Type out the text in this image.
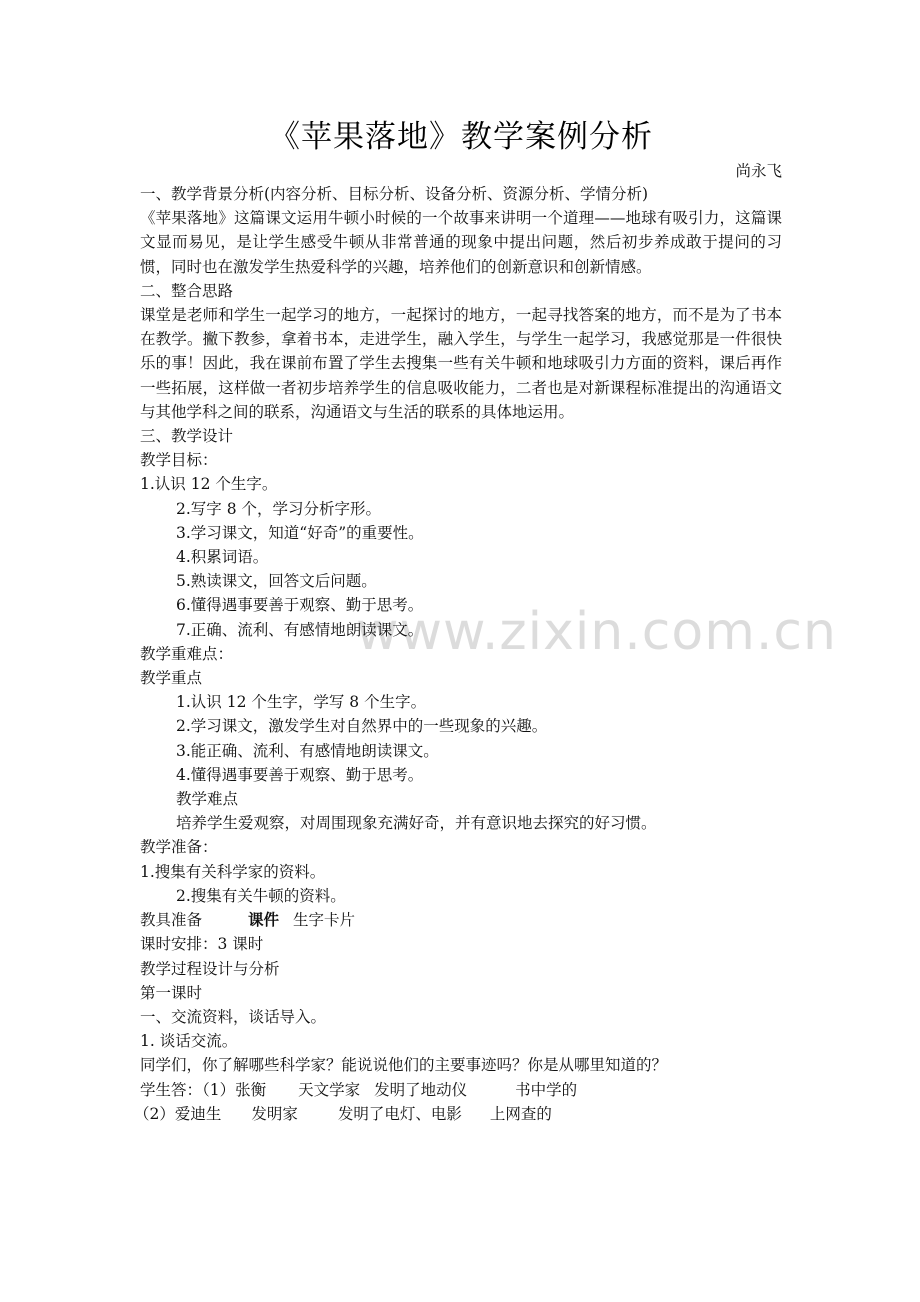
www.zixin.com.cn
《苹果落地》教学案例分析
尚永飞
一、教学背景分析(内容分析、目标分析、设备分析、资源分析、学情分析)

《苹果落地》这篇课文运用牛顿小时候的一个故事来讲明一个道理——地球有吸引力，这篇课文显而易见，是让学生感受牛顿从非常普通的现象中提出问题，然后初步养成敢于提问的习惯，同时也在激发学生热爱科学的兴趣，培养他们的创新意识和创新情感。

二、整合思路

课堂是老师和学生一起学习的地方，一起探讨的地方，一起寻找答案的地方，而不是为了书本在教学。撇下教参，拿着书本，走进学生，融入学生，与学生一起学习，我感觉那是一件很快乐的事！因此，我在课前布置了学生去搜集一些有关牛顿和地球吸引力方面的资料，课后再作一些拓展，这样做一者初步培养学生的信息吸收能力，二者也是对新课程标准提出的沟通语文与其他学科之间的联系，沟通语文与生活的联系的具体地运用。

三、教学设计
教学目标：
1.认识 12 个生字。
2.写字 8 个，学习分析字形。
3.学习课文，知道“好奇”的重要性。
4.积累词语。
5.熟读课文，回答文后问题。
6.懂得遇事要善于观察、勤于思考。
7.正确、流利、有感情地朗读课文。
教学重难点：
教学重点
1.认识 12 个生字，学写 8 个生字。
2.学习课文，激发学生对自然界中的一些现象的兴趣。
3.能正确、流利、有感情地朗读课文。
4.懂得遇事要善于观察、勤于思考。
教学难点
培养学生爱观察，对周围现象充满好奇，并有意识地去探究的好习惯。
教学准备：
1.搜集有关科学家的资料。
2.搜集有关牛顿的资料。
教具准备	课件 生字卡片
课时安排：3 课时
教学过程设计与分析
第一课时
一、交流资料，谈话导入。
1. 谈话交流。
同学们，你了解哪些科学家？能说说他们的主要事迹吗？你是从哪里知道的？
学生答：（1）张衡 天文学家 发明了地动仪	书中学的
（2）爱迪生 发明家	发明了电灯、电影 上网查的
